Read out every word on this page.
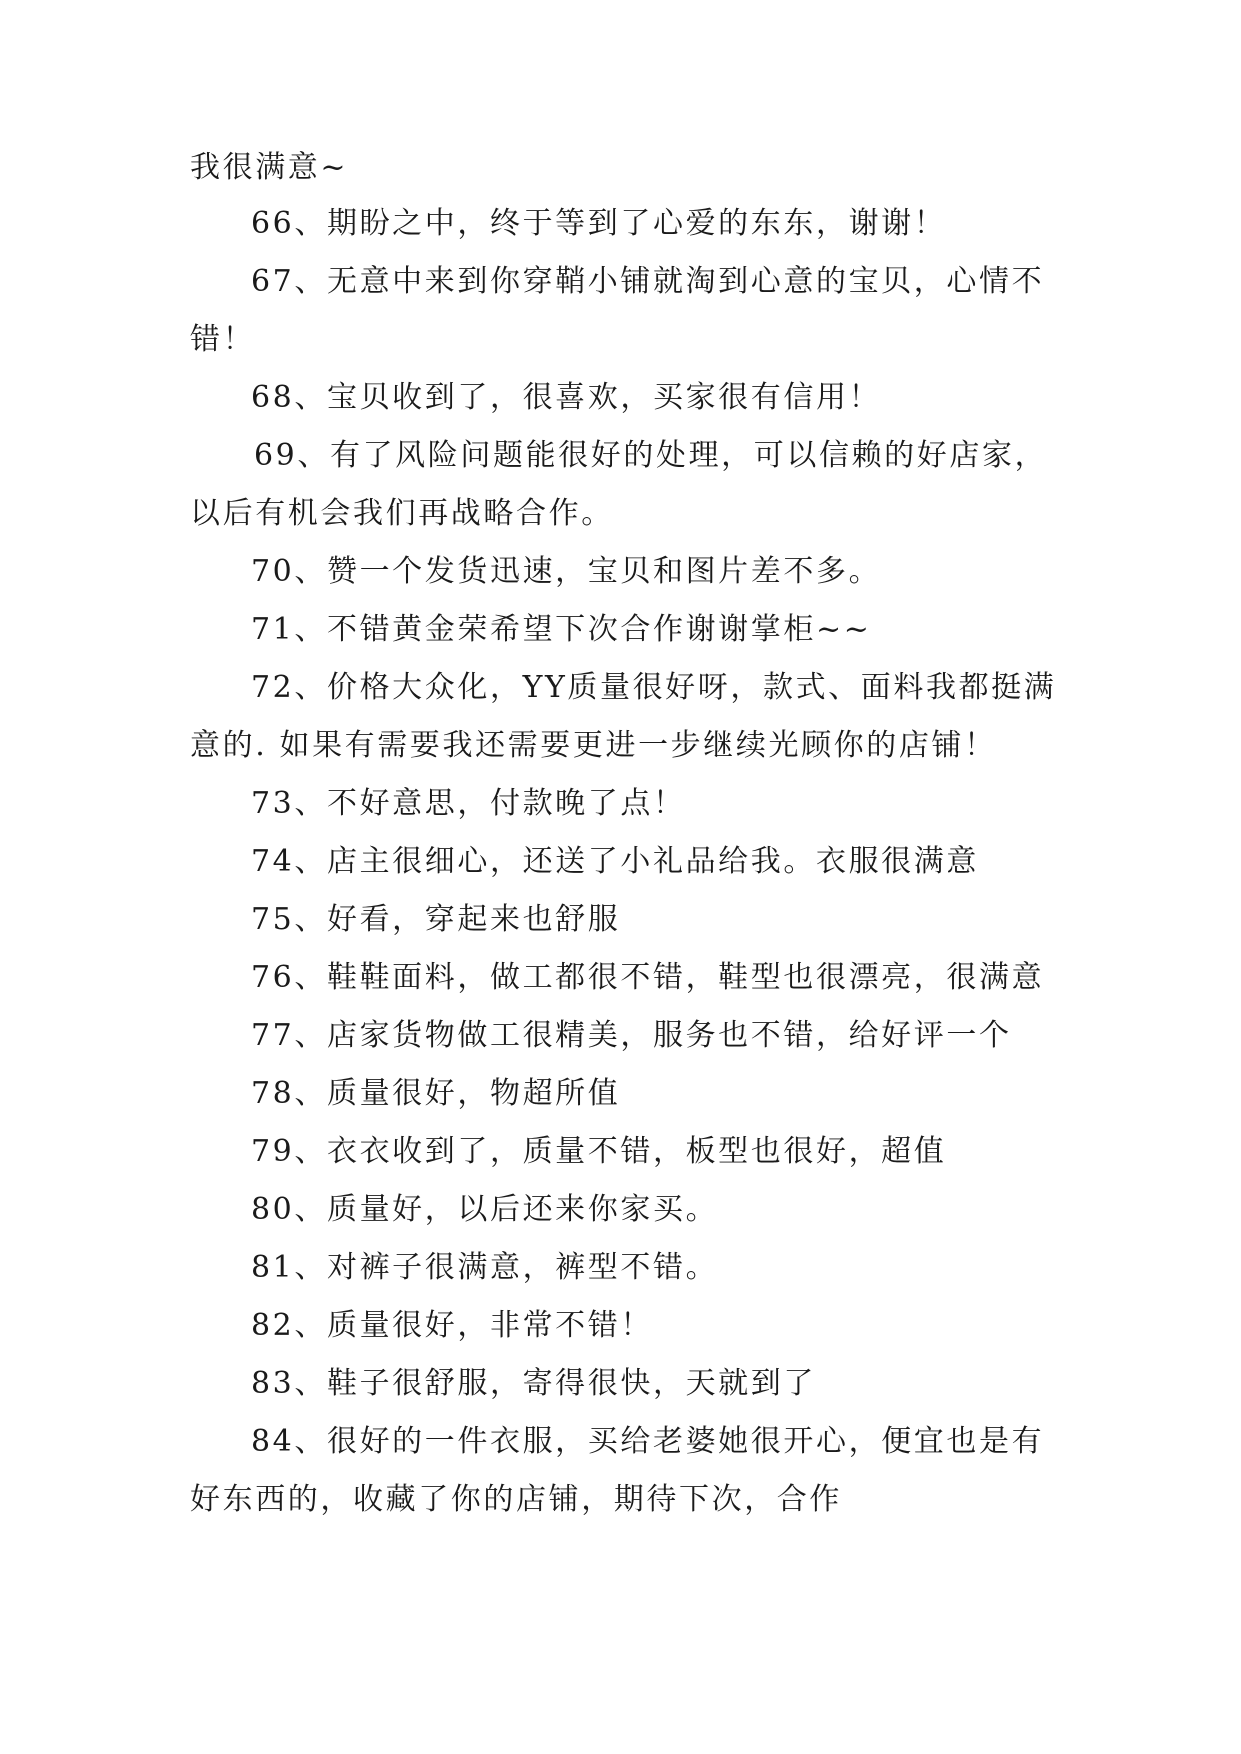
我很满意~

66、期盼之中，终于等到了心爱的东东，谢谢！

67、无意中来到你穿鞘小铺就淘到心意的宝贝，心情不

错！

68、宝贝收到了，很喜欢，买家很有信用！

69、有了风险问题能很好的处理，可以信赖的好店家，

以后有机会我们再战略合作。

70、赞一个发货迅速，宝贝和图片差不多。

71、不错黄金荣希望下次合作谢谢掌柜~~

72、价格大众化，YY质量很好呀，款式、面料我都挺满

意的. 如果有需要我还需要更进一步继续光顾你的店铺！

73、不好意思，付款晚了点！

74、店主很细心，还送了小礼品给我。衣服很满意

75、好看，穿起来也舒服

76、鞋鞋面料，做工都很不错，鞋型也很漂亮，很满意

77、店家货物做工很精美，服务也不错，给好评一个

78、质量很好，物超所值

79、衣衣收到了，质量不错，板型也很好，超值

80、质量好，以后还来你家买。

81、对裤子很满意，裤型不错。

82、质量很好，非常不错！

83、鞋子很舒服，寄得很快，天就到了

84、很好的一件衣服，买给老婆她很开心，便宜也是有

好东西的，收藏了你的店铺，期待下次，合作
